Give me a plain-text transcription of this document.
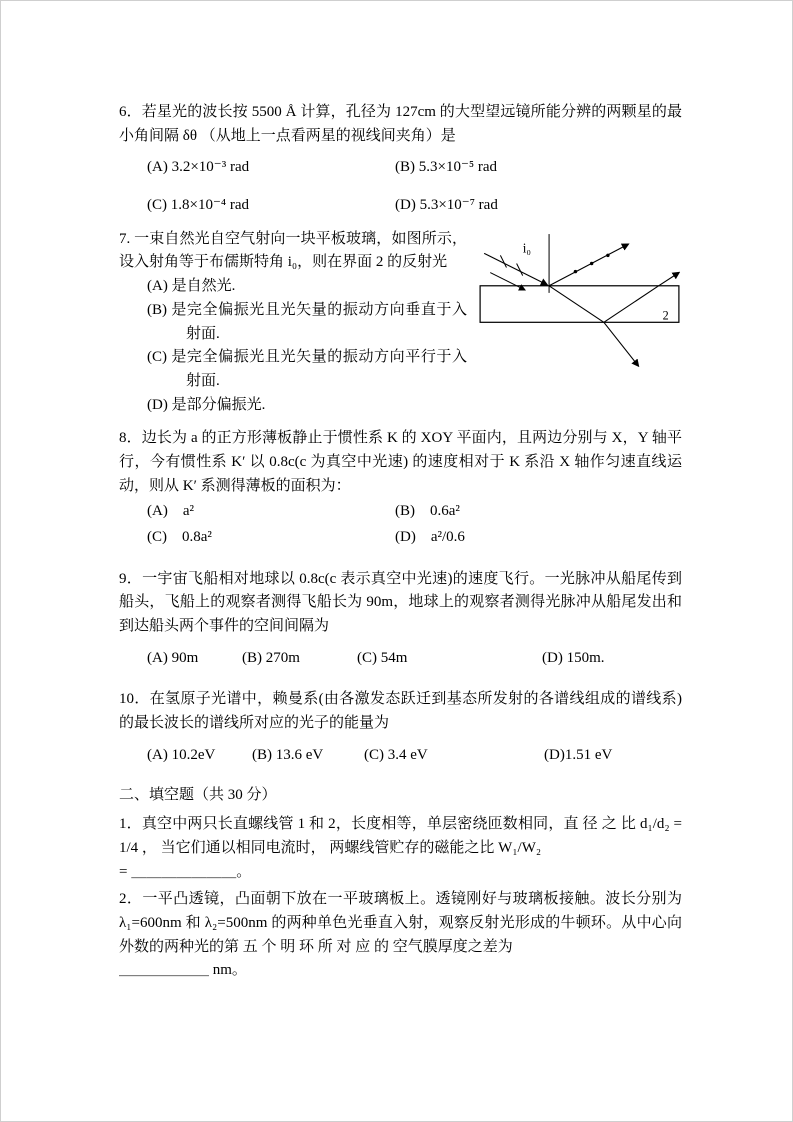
6．若星光的波长按 5500 Å 计算，孔径为 127cm 的大型望远镜所能分辨的两颗星的最小角间隔 δθ （从地上一点看两星的视线间夹角）是

(A) 3.2×10⁻³ rad	(B) 5.3×10⁻⁵ rad
(C) 1.8×10⁻⁴ rad	(D) 5.3×10⁻⁷ rad
i₀
2

7. 一束自然光自空气射向一块平板玻璃，如图所示，设入射角等于布儒斯特角 i₀，则在界面 2 的反射光

(A) 是自然光.

(B) 是完全偏振光且光矢量的振动方向垂直于入射面.

(C) 是完全偏振光且光矢量的振动方向平行于入射面.

(D) 是部分偏振光.

8．边长为 a 的正方形薄板静止于惯性系 K 的 XOY 平面内，且两边分别与 X，Y 轴平行，今有惯性系 K′ 以 0.8c(c 为真空中光速) 的速度相对于 K 系沿 X 轴作匀速直线运动，则从 K′ 系测得薄板的面积为：

(A)　a²	(B)　0.6a²
(C)　0.8a²	(D)　a²/0.6

9．一宇宙飞船相对地球以 0.8c(c 表示真空中光速)的速度飞行。一光脉冲从船尾传到船头，飞船上的观察者测得飞船长为 90m，地球上的观察者测得光脉冲从船尾发出和到达船头两个事件的空间间隔为

(A) 90m	(B) 270m	(C) 54m	(D) 150m.

10．在氢原子光谱中，赖曼系(由各激发态跃迁到基态所发射的各谱线组成的谱线系)的最长波长的谱线所对应的光子的能量为

(A) 10.2eV	(B) 13.6 eV	(C) 3.4 eV	(D)1.51 eV

二、填空题（共 30 分）

1．真空中两只长直螺线管 1 和 2，长度相等，单层密绕匝数相同，直 径 之 比 d₁/d₂ = 1/4 ， 当它们通以相同电流时， 两螺线管贮存的磁能之比 W₁/W₂

= ＿＿＿＿＿＿＿。

2．一平凸透镜，凸面朝下放在一平玻璃板上。透镜刚好与玻璃板接触。波长分别为 λ₁=600nm 和 λ₂=500nm 的两种单色光垂直入射，观察反射光形成的牛顿环。从中心向外数的两种光的第 五 个 明 环 所 对 应 的 空气膜厚度之差为

＿＿＿＿＿＿ nm。
